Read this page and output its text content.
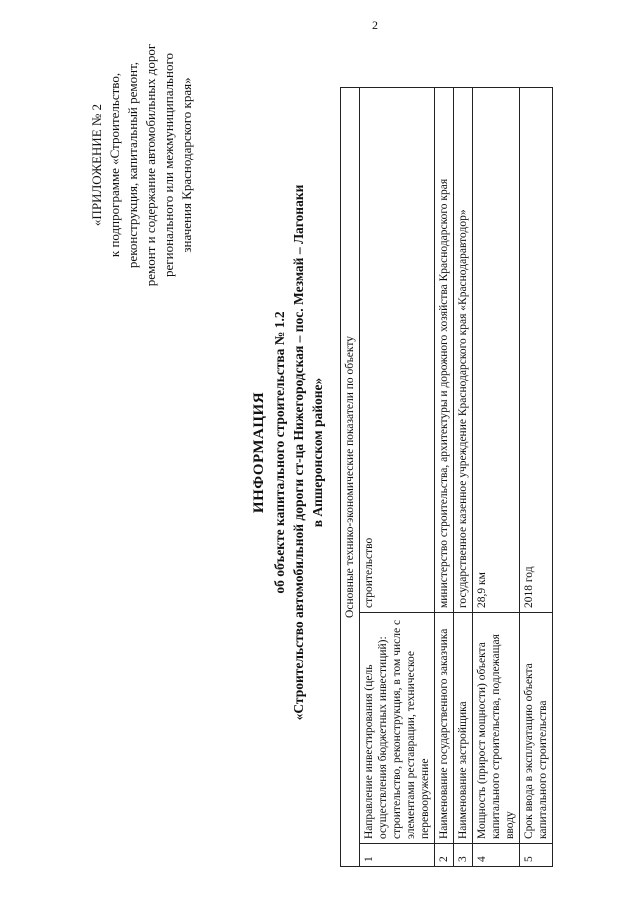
2
«ПРИЛОЖЕНИЕ № 2 к подпрограмме «Строительство, реконструкция, капитальный ремонт, ремонт и содержание автомобильных дорог регионального или межмуниципального значения Краснодарского края»
ИНФОРМАЦИЯ об объекте капитального строительства № 1.2 «Строительство автомобильной дороги ст-ца Нижегородская – пос. Мезмай – Лагонаки в Апшеронском районе» Основные технико-экономические показатели по объекту		
1	Направление инвестирования (цель осуществления бюджетных инвестиций): строительство, реконструкция, в том числе с элементами реставрации, техническое перевооружение	строительство
2	Наименование государственного заказчика	министерство строительства, архитектуры и дорожного хозяйства Краснодарского края
3	Наименование застройщика	государственное казенное учреждение Краснодарского края «Краснодаравтодор»
4	Мощность (прирост мощности) объекта капитального строительства, подлежащая вводу	28,9 км
5	Срок ввода в эксплуатацию объекта капитального строительства	2018 год
